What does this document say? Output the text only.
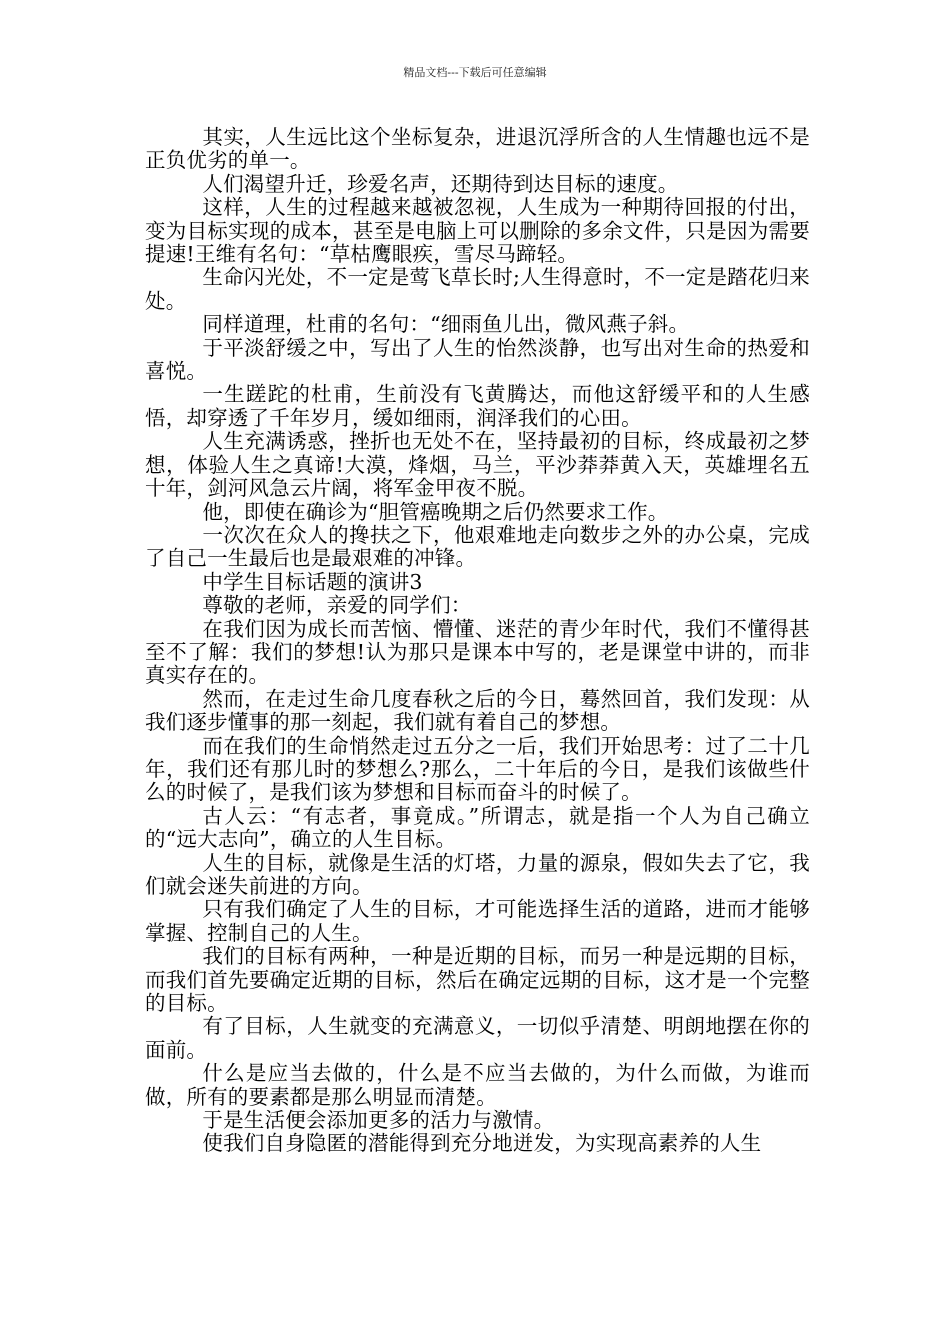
精品文档---下载后可任意编辑

其实，人生远比这个坐标复杂，进退沉浮所含的人生情趣也远不是正负优劣的单一。

人们渴望升迁，珍爱名声，还期待到达目标的速度。

这样，人生的过程越来越被忽视，人生成为一种期待回报的付出，变为目标实现的成本，甚至是电脑上可以删除的多余文件，只是因为需要提速!王维有名句：“草枯鹰眼疾，雪尽马蹄轻。

生命闪光处，不一定是莺飞草长时;人生得意时，不一定是踏花归来处。

同样道理，杜甫的名句：“细雨鱼儿出，微风燕子斜。

于平淡舒缓之中，写出了人生的怡然淡静，也写出对生命的热爱和喜悦。

一生蹉跎的杜甫，生前没有飞黄腾达，而他这舒缓平和的人生感悟，却穿透了千年岁月，缓如细雨，润泽我们的心田。

人生充满诱惑，挫折也无处不在，坚持最初的目标，终成最初之梦想，体验人生之真谛!大漠，烽烟，马兰，平沙莽莽黄入天，英雄埋名五十年，剑河风急云片阔，将军金甲夜不脱。

他，即使在确诊为“胆管癌晚期之后仍然要求工作。

一次次在众人的搀扶之下，他艰难地走向数步之外的办公桌，完成了自己一生最后也是最艰难的冲锋。

中学生目标话题的演讲3

尊敬的老师，亲爱的同学们：

在我们因为成长而苦恼、懵懂、迷茫的青少年时代，我们不懂得甚至不了解：我们的梦想!认为那只是课本中写的，老是课堂中讲的，而非真实存在的。

然而，在走过生命几度春秋之后的今日，蓦然回首，我们发现：从我们逐步懂事的那一刻起，我们就有着自己的梦想。

而在我们的生命悄然走过五分之一后，我们开始思考：过了二十几年，我们还有那儿时的梦想么?那么，二十年后的今日，是我们该做些什么的时候了，是我们该为梦想和目标而奋斗的时候了。

古人云：“有志者，事竟成。”所谓志，就是指一个人为自己确立的“远大志向”，确立的人生目标。

人生的目标，就像是生活的灯塔，力量的源泉，假如失去了它，我们就会迷失前进的方向。

只有我们确定了人生的目标，才可能选择生活的道路，进而才能够掌握、控制自己的人生。

我们的目标有两种，一种是近期的目标，而另一种是远期的目标，而我们首先要确定近期的目标，然后在确定远期的目标，这才是一个完整的目标。

有了目标，人生就变的充满意义，一切似乎清楚、明朗地摆在你的面前。

什么是应当去做的，什么是不应当去做的，为什么而做，为谁而做，所有的要素都是那么明显而清楚。

于是生活便会添加更多的活力与激情。

使我们自身隐匿的潜能得到充分地迸发，为实现高素养的人生
